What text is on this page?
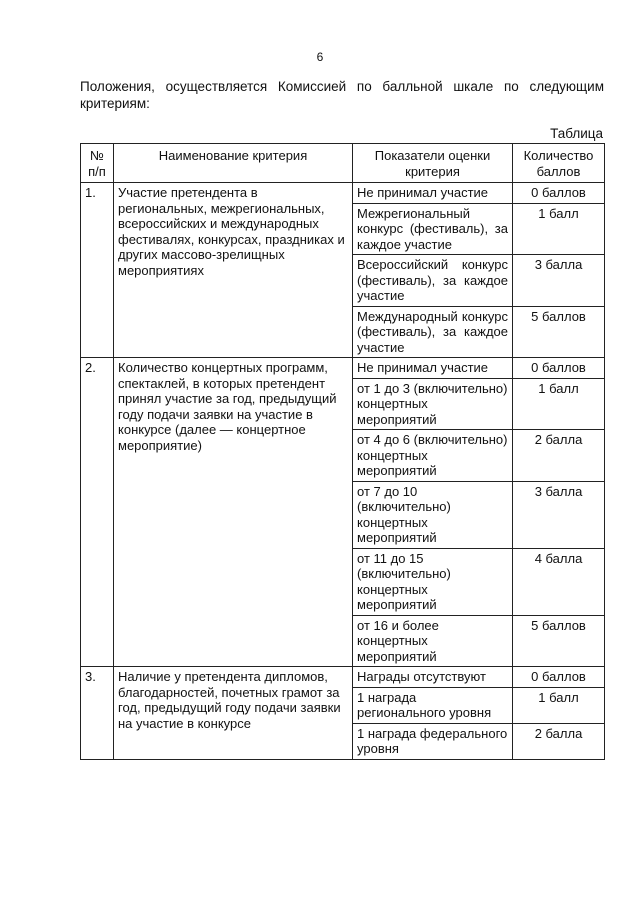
6

Положения, осуществляется Комиссией по балльной шкале по следующим критериям:

Таблица
№ п/п	Наименование критерия	Показатели оценки критерия	Количество баллов
1.	Участие претендента в региональных, межрегиональных, всероссийских и международных фестивалях, конкурсах, праздниках и других массово-зрелищных мероприятиях	Не принимал участие	0 баллов
		Межрегиональный конкурс (фестиваль), за каждое участие	1 балл
		Всероссийский конкурс (фестиваль), за каждое участие	3 балла
		Международный конкурс (фестиваль), за каждое участие	5 баллов
2.	Количество концертных программ, спектаклей, в которых претендент принял участие за год, предыдущий году подачи заявки на участие в конкурсе (далее — концертное мероприятие)	Не принимал участие	0 баллов
		от 1 до 3 (включительно) концертных мероприятий	1 балл
		от 4 до 6 (включительно) концертных мероприятий	2 балла
		от 7 до 10 (включительно) концертных мероприятий	3 балла
		от 11 до 15 (включительно) концертных мероприятий	4 балла
		от 16 и более концертных мероприятий	5 баллов
3.	Наличие у претендента дипломов, благодарностей, почетных грамот за год, предыдущий году подачи заявки на участие в конкурсе	Награды отсутствуют	0 баллов
		1 награда регионального уровня	1 балл
		1 награда федерального уровня	2 балла
